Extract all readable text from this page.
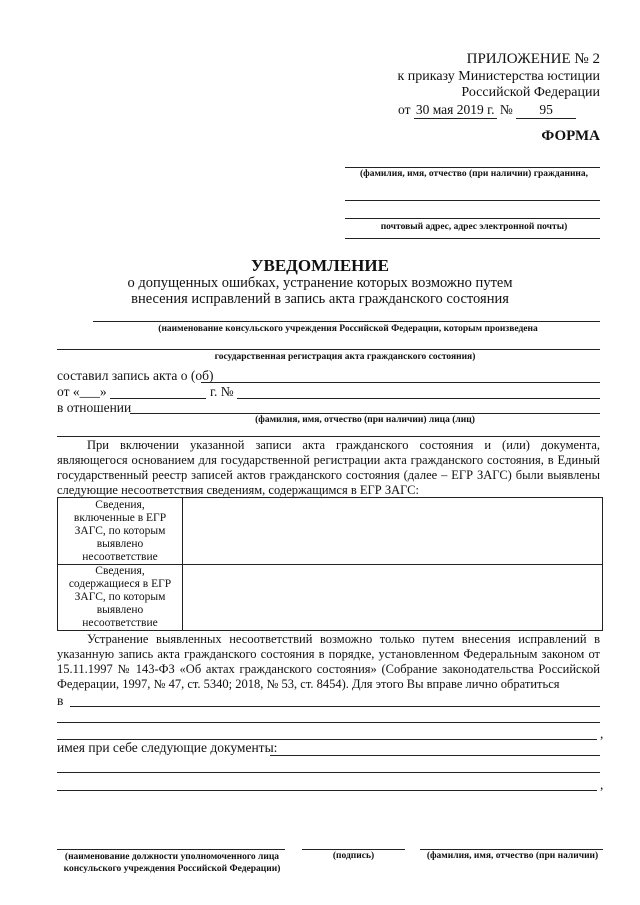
ПРИЛОЖЕНИЕ № 2
к приказу Министерства юстиции
Российской Федерации
от 30 мая 2019 г. № 95
ФОРМА
(фамилия, имя, отчество (при наличии) гражданина,
почтовый адрес, адрес электронной почты)
УВЕДОМЛЕНИЕ
о допущенных ошибках, устранение которых возможно путем
внесения исправлений в запись акта гражданского состояния
(наименование консульского учреждения Российской Федерации, которым произведена
государственная регистрация акта гражданского состояния)
составил запись акта о (об)
от «___»	г. №
в отношении
(фамилия, имя, отчество (при наличии) лица (лиц)
При включении указанной записи акта гражданского состояния и (или) документа, являющегося основанием для государственной регистрации акта гражданского состояния, в Единый государственный реестр записей актов гражданского состояния (далее – ЕГР ЗАГС) были выявлены следующие несоответствия сведениям, содержащимся в ЕГР ЗАГС:
Сведения, включенные в ЕГР ЗАГС, по которым выявлено несоответствие	
Сведения, содержащиеся в ЕГР ЗАГС, по которым выявлено несоответствие	
Устранение выявленных несоответствий возможно только путем внесения исправлений в указанную запись акта гражданского состояния в порядке, установленном Федеральным законом от 15.11.1997 № 143-ФЗ «Об актах гражданского состояния» (Собрание законодательства Российской Федерации, 1997, № 47, ст. 5340; 2018, № 53, ст. 8454). Для этого Вы вправе лично обратиться
в
,
имея при себе следующие документы:
,
(наименование должности уполномоченного лица
консульского учреждения Российской Федерации)
(подпись)	(фамилия, имя, отчество (при наличии)
